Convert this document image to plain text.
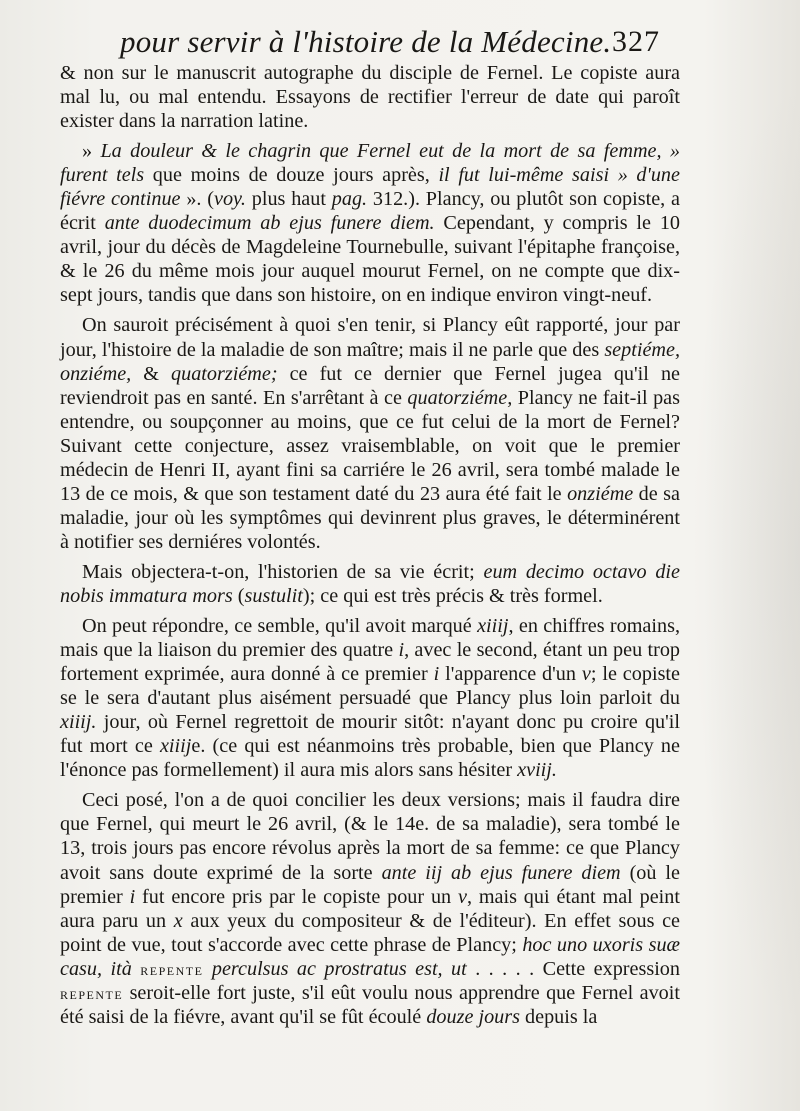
pour servir à l'histoire de la Médecine. 327

& non sur le manuscrit autographe du disciple de Fernel. Le copiste aura mal lu, ou mal entendu. Essayons de rectifier l'erreur de date qui paroît exister dans la narration latine.

» La douleur & le chagrin que Fernel eut de la mort de sa femme, » furent tels que moins de douze jours après, il fut lui-même saisi » d'une fiévre continue ». (voy. plus haut pag. 312.). Plancy, ou plutôt son copiste, a écrit ante duodecimum ab ejus funere diem. Cependant, y compris le 10 avril, jour du décès de Magdeleine Tournebulle, suivant l'épitaphe françoise, & le 26 du même mois jour auquel mourut Fernel, on ne compte que dix-sept jours, tandis que dans son histoire, on en indique environ vingt-neuf.

On sauroit précisément à quoi s'en tenir, si Plancy eût rapporté, jour par jour, l'histoire de la maladie de son maître; mais il ne parle que des septiéme, onziéme, & quatorziéme; ce fut ce dernier que Fernel jugea qu'il ne reviendroit pas en santé. En s'arrêtant à ce quatorziéme, Plancy ne fait-il pas entendre, ou soupçonner au moins, que ce fut celui de la mort de Fernel? Suivant cette conjecture, assez vraisemblable, on voit que le premier médecin de Henri II, ayant fini sa carriére le 26 avril, sera tombé malade le 13 de ce mois, & que son testament daté du 23 aura été fait le onziéme de sa maladie, jour où les symptômes qui devinrent plus graves, le déterminérent à notifier ses derniéres volontés.

Mais objectera-t-on, l'historien de sa vie écrit; eum decimo octavo die nobis immatura mors (sustulit); ce qui est très précis & très formel.

On peut répondre, ce semble, qu'il avoit marqué xiiij, en chiffres romains, mais que la liaison du premier des quatre i, avec le second, étant un peu trop fortement exprimée, aura donné à ce premier i l'apparence d'un v; le copiste se le sera d'autant plus aisément persuadé que Plancy plus loin parloit du xiiij. jour, où Fernel regrettoit de mourir sitôt: n'ayant donc pu croire qu'il fut mort ce xiiije. (ce qui est néanmoins très probable, bien que Plancy ne l'énonce pas formellement) il aura mis alors sans hésiter xviij.

Ceci posé, l'on a de quoi concilier les deux versions; mais il faudra dire que Fernel, qui meurt le 26 avril, (& le 14e. de sa maladie), sera tombé le 13, trois jours pas encore révolus après la mort de sa femme: ce que Plancy avoit sans doute exprimé de la sorte ante iij ab ejus funere diem (où le premier i fut encore pris par le copiste pour un v, mais qui étant mal peint aura paru un x aux yeux du compositeur & de l'éditeur). En effet sous ce point de vue, tout s'accorde avec cette phrase de Plancy; hoc uno uxoris suæ casu, ità repente perculsus ac prostratus est, ut . . . . . Cette expression repente seroit-elle fort juste, s'il eût voulu nous apprendre que Fernel avoit été saisi de la fiévre, avant qu'il se fût écoulé douze jours depuis la
